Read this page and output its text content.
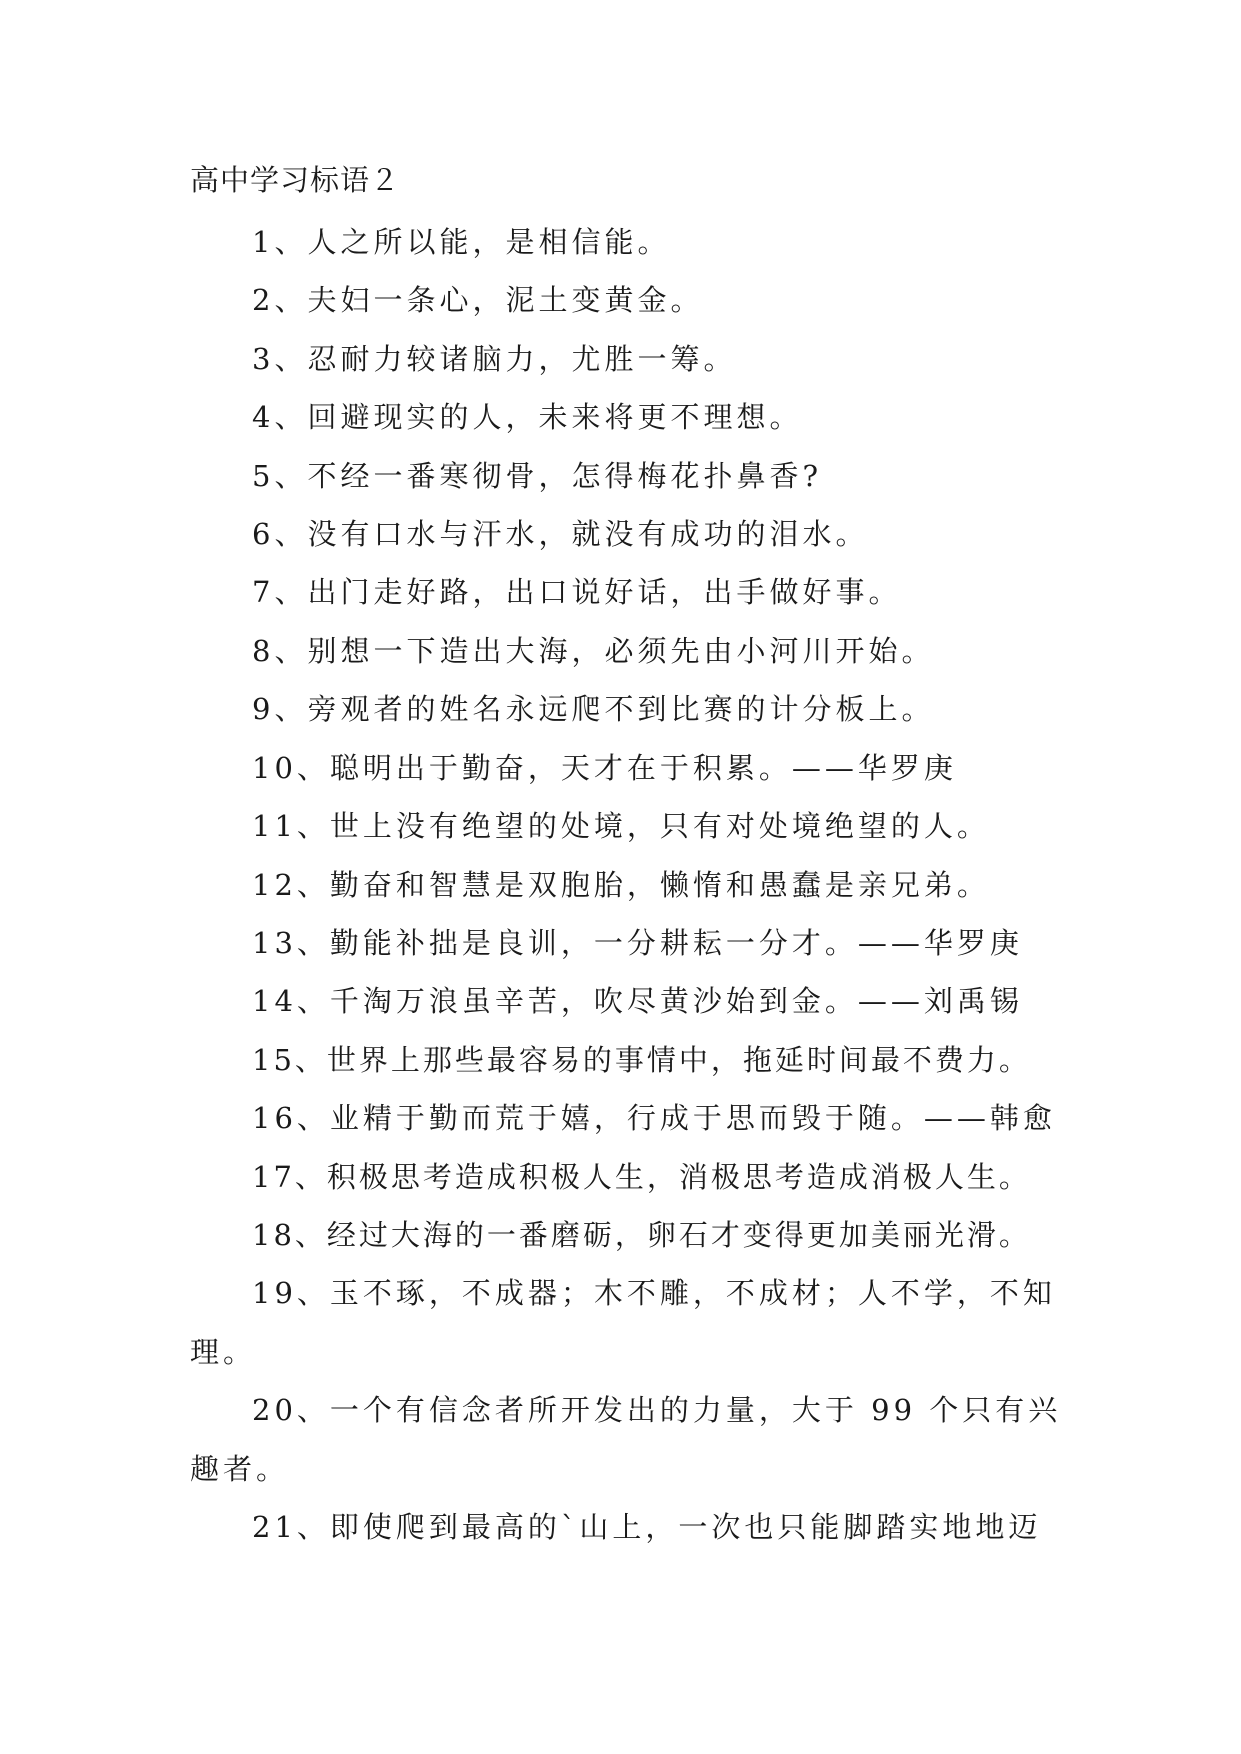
高中学习标语２
1、人之所以能，是相信能。
2、夫妇一条心，泥土变黄金。
3、忍耐力较诸脑力，尤胜一筹。
4、回避现实的人，未来将更不理想。
5、不经一番寒彻骨，怎得梅花扑鼻香?
6、没有口水与汗水，就没有成功的泪水。
7、出门走好路，出口说好话，出手做好事。
8、别想一下造出大海，必须先由小河川开始。
9、旁观者的姓名永远爬不到比赛的计分板上。
10、聪明出于勤奋，天才在于积累。——华罗庚
11、世上没有绝望的处境，只有对处境绝望的人。
12、勤奋和智慧是双胞胎，懒惰和愚蠢是亲兄弟。
13、勤能补拙是良训，一分耕耘一分才。——华罗庚
14、千淘万浪虽辛苦，吹尽黄沙始到金。——刘禹锡
15、世界上那些最容易的事情中，拖延时间最不费力。
16、业精于勤而荒于嬉，行成于思而毁于随。——韩愈
17、积极思考造成积极人生，消极思考造成消极人生。
18、经过大海的一番磨砺，卵石才变得更加美丽光滑。
19、玉不琢，不成器；木不雕，不成材；人不学，不知
理。
20、一个有信念者所开发出的力量，大于 99 个只有兴
趣者。
21、即使爬到最高的`山上，一次也只能脚踏实地地迈
